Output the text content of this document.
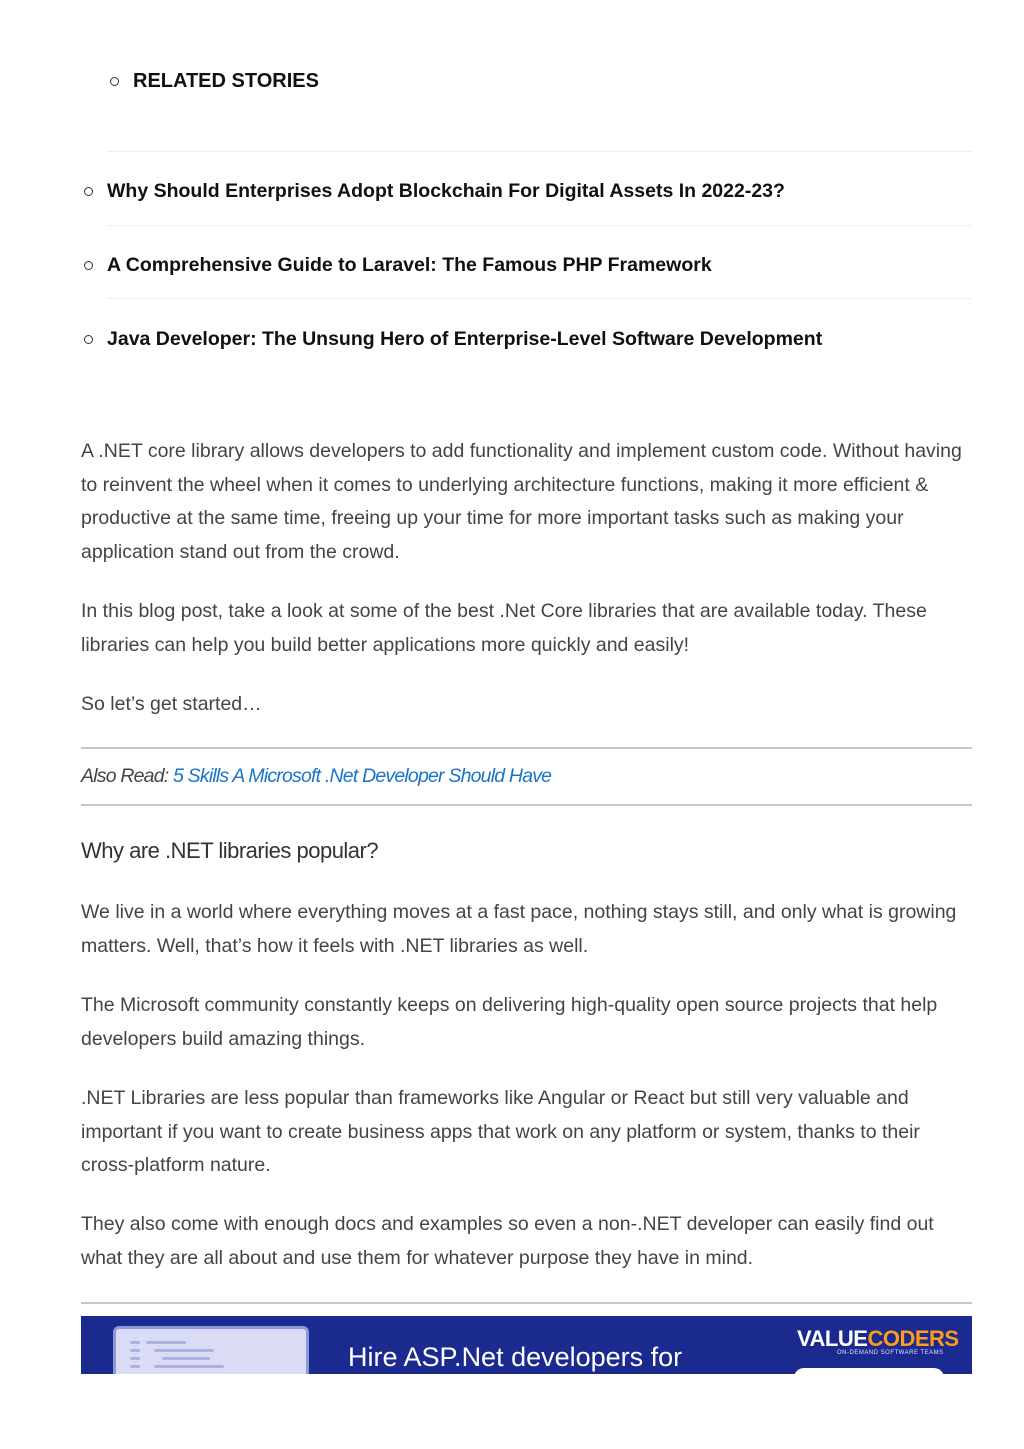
RELATED STORIES
Why Should Enterprises Adopt Blockchain For Digital Assets In 2022-23?
A Comprehensive Guide to Laravel: The Famous PHP Framework
Java Developer: The Unsung Hero of Enterprise-Level Software Development

A .NET core library allows developers to add functionality and implement custom code. Without having to reinvent the wheel when it comes to underlying architecture functions, making it more efficient & productive at the same time, freeing up your time for more important tasks such as making your application stand out from the crowd.

In this blog post, take a look at some of the best .Net Core libraries that are available today. These libraries can help you build better applications more quickly and easily!

So let’s get started…

Also Read: 5 Skills A Microsoft .Net Developer Should Have
Why are .NET libraries popular?

We live in a world where everything moves at a fast pace, nothing stays still, and only what is growing matters. Well, that’s how it feels with .NET libraries as well.

The Microsoft community constantly keeps on delivering high-quality open source projects that help developers build amazing things.

.NET Libraries are less popular than frameworks like Angular or React but still very valuable and important if you want to create business apps that work on any platform or system, thanks to their cross-platform nature.

They also come with enough docs and examples so even a non-.NET developer can easily find out what they are all about and use them for whatever purpose they have in mind.

Hire ASP.Net developers for
VALUECODERS
ON-DEMAND SOFTWARE TEAMS
